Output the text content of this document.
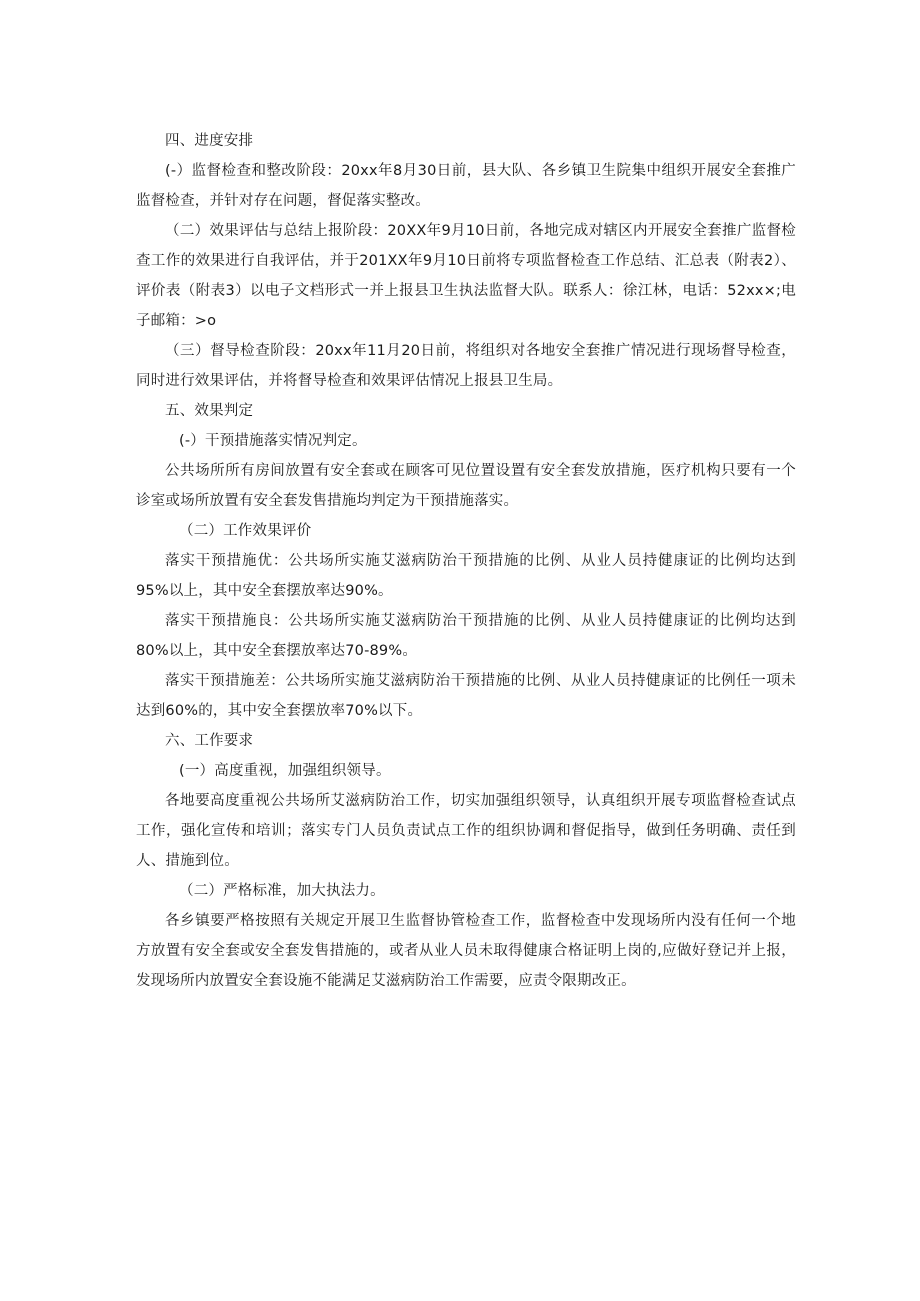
四、进度安排
(-）监督检查和整改阶段：20xx年8月30日前，县大队、各乡镇卫生院集中组织开展安全套推广监督检查，并针对存在问题，督促落实整改。
（二）效果评估与总结上报阶段：20XX年9月10日前，各地完成对辖区内开展安全套推广监督检查工作的效果进行自我评估，并于201XX年9月10日前将专项监督检查工作总结、汇总表（附表2）、评价表（附表3）以电子文档形式一并上报县卫生执法监督大队。联系人：徐江林，电话：52xx×;电子邮箱：>o
（三）督导检查阶段：20xx年11月20日前，将组织对各地安全套推广情况进行现场督导检查，同时进行效果评估，并将督导检查和效果评估情况上报县卫生局。
五、效果判定
(-）干预措施落实情况判定。
公共场所所有房间放置有安全套或在顾客可见位置设置有安全套发放措施，医疗机构只要有一个诊室或场所放置有安全套发售措施均判定为干预措施落实。
（二）工作效果评价
落实干预措施优：公共场所实施艾滋病防治干预措施的比例、从业人员持健康证的比例均达到95%以上，其中安全套摆放率达90%。
落实干预措施良：公共场所实施艾滋病防治干预措施的比例、从业人员持健康证的比例均达到80%以上，其中安全套摆放率达70-89%。
落实干预措施差：公共场所实施艾滋病防治干预措施的比例、从业人员持健康证的比例任一项未达到60%的，其中安全套摆放率70%以下。
六、工作要求
(一）高度重视，加强组织领导。
各地要高度重视公共场所艾滋病防治工作，切实加强组织领导，认真组织开展专项监督检查试点工作，强化宣传和培训；落实专门人员负责试点工作的组织协调和督促指导，做到任务明确、责任到人、措施到位。
（二）严格标准，加大执法力。
各乡镇要严格按照有关规定开展卫生监督协管检查工作，监督检查中发现场所内没有任何一个地方放置有安全套或安全套发售措施的，或者从业人员未取得健康合格证明上岗的,应做好登记并上报，发现场所内放置安全套设施不能满足艾滋病防治工作需要，应责令限期改正。
